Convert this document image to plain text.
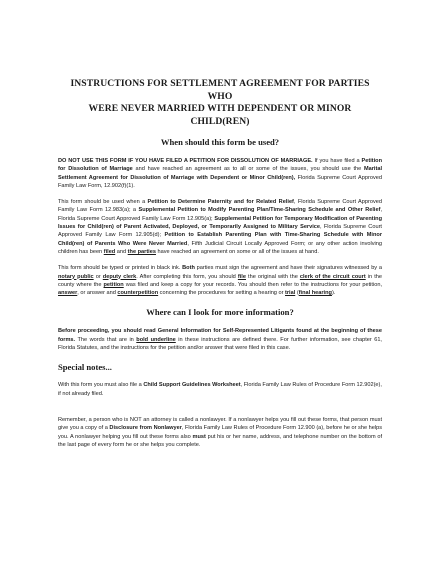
INSTRUCTIONS FOR SETTLEMENT AGREEMENT FOR PARTIES WHO

WERE NEVER MARRIED WITH DEPENDENT OR MINOR CHILD(REN)

When should this form be used?

DO NOT USE THIS FORM IF YOU HAVE FILED A PETITION FOR DISSOLUTION OF MARRIAGE. If you have filed a Petition for Dissolution of Marriage and have reached an agreement as to all or some of the issues, you should use the Marital Settlement Agreement for Dissolution of Marriage with Dependent or Minor Child(ren), Florida Supreme Court Approved Family Law Form, 12.902(f)(1).

This form should be used when a Petition to Determine Paternity and for Related Relief, Florida Supreme Court Approved Family Law Form 12.983(a); a Supplemental Petition to Modify Parenting Plan/Time-Sharing Schedule and Other Relief, Florida Supreme Court Approved Family Law Form 12.905(a); Supplemental Petition for Temporary Modification of Parenting Issues for Child(ren) of Parent Activated, Deployed, or Temporarily Assigned to Military Service, Florida Supreme Court Approved Family Law Form 12.905(d); Petition to Establish Parenting Plan with Time-Sharing Schedule with Minor Child(ren) of Parents Who Were Never Married, Fifth Judicial Circuit Locally Approved Form; or any other action involving children has been filed and the parties have reached an agreement on some or all of the issues at hand.

This form should be typed or printed in black ink. Both parties must sign the agreement and have their signatures witnessed by a notary public or deputy clerk. After completing this form, you should file the original with the clerk of the circuit court in the county where the petition was filed and keep a copy for your records. You should then refer to the instructions for your petition, answer, or answer and counterpetition concerning the procedures for setting a hearing or trial (final hearing).

Where can I look for more information?

Before proceeding, you should read General Information for Self-Represented Litigants found at the beginning of these forms. The words that are in bold underline in these instructions are defined there. For further information, see chapter 61, Florida Statutes, and the instructions for the petition and/or answer that were filed in this case.

Special notes...

With this form you must also file a Child Support Guidelines Worksheet, Florida Family Law Rules of Procedure Form 12.902(e), if not already filed.

Remember, a person who is NOT an attorney is called a nonlawyer. If a nonlawyer helps you fill out these forms, that person must give you a copy of a Disclosure from Nonlawyer, Florida Family Law Rules of Procedure Form 12.900 (a), before he or she helps you. A nonlawyer helping you fill out these forms also must put his or her name, address, and telephone number on the bottom of the last page of every form he or she helps you complete.
